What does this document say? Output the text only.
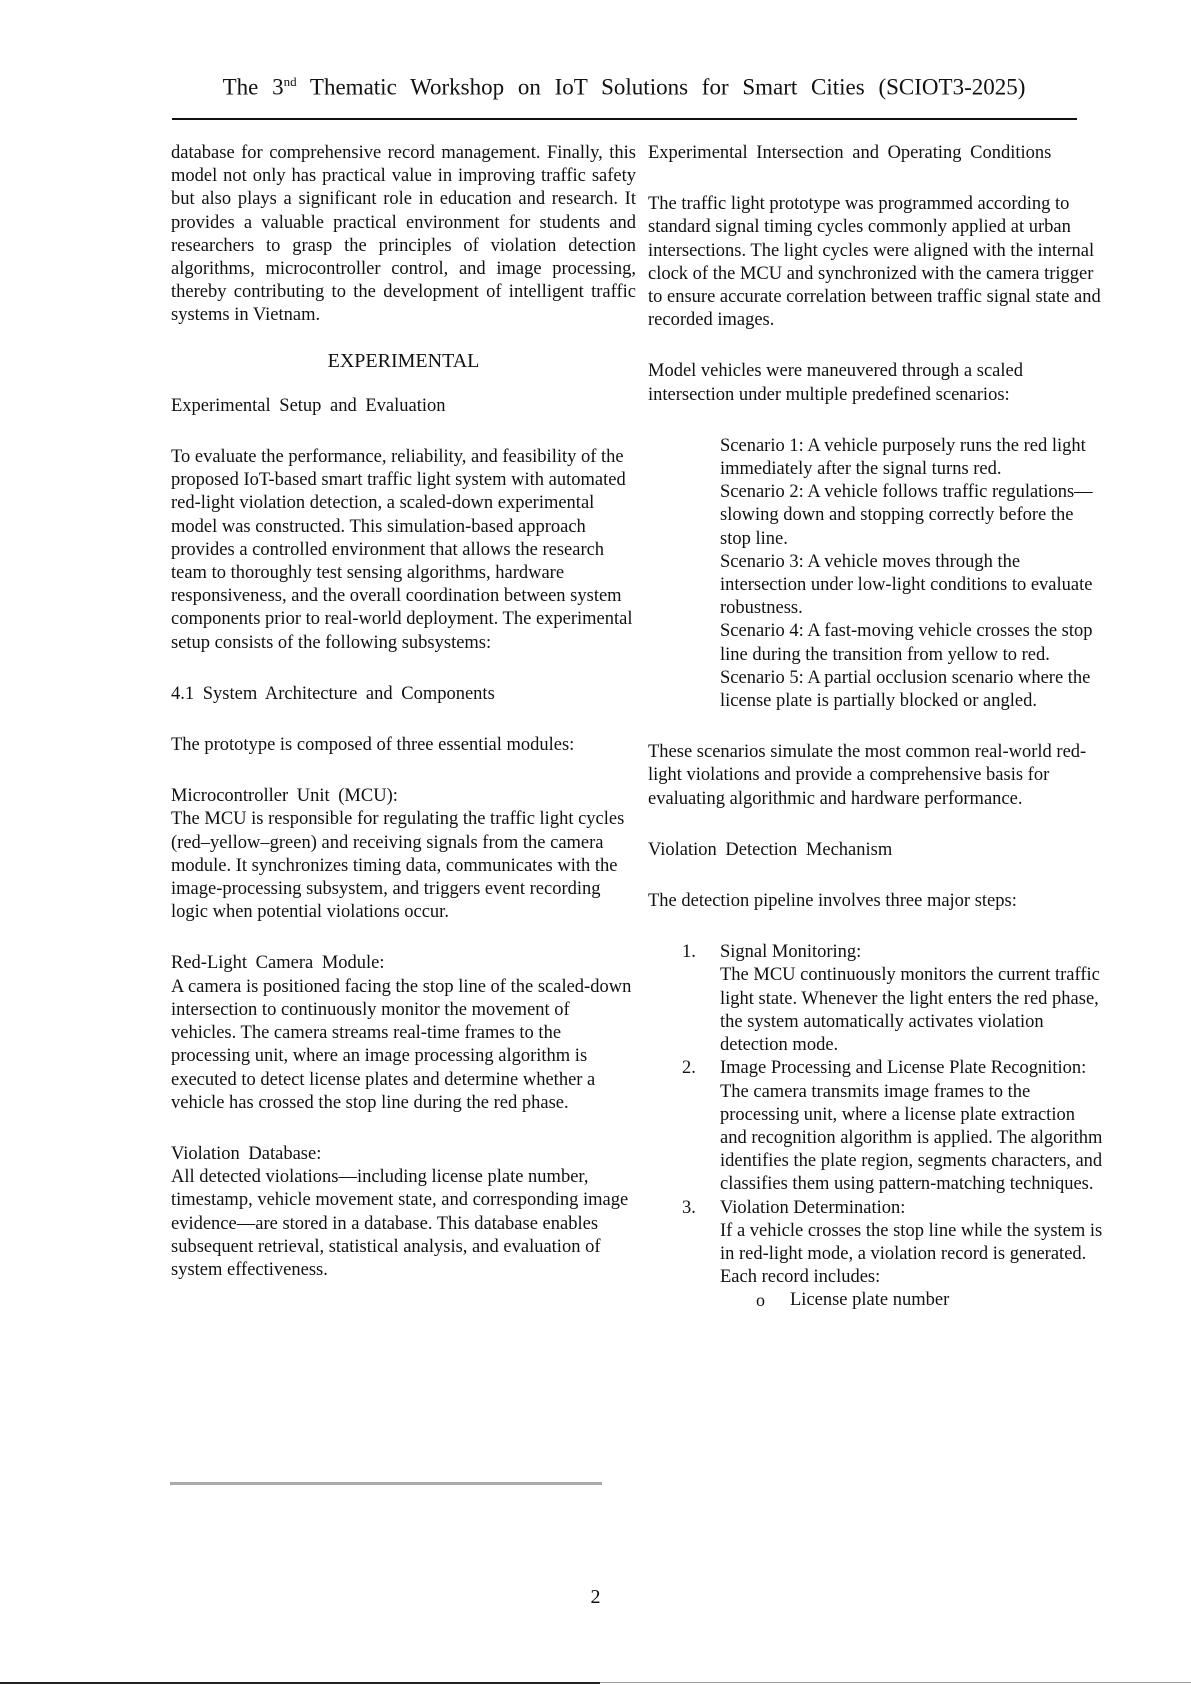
The 3nd Thematic Workshop on IoT Solutions for Smart Cities (SCIOT3-2025)

database for comprehensive record management. Finally, this model not only has practical value in improving traffic safety but also plays a significant role in education and research. It provides a valuable practical environment for students and researchers to grasp the principles of violation detection algorithms, microcontroller control, and image processing, thereby contributing to the development of intelligent traffic systems in Vietnam.

EXPERIMENTAL

Experimental Setup and Evaluation

To evaluate the performance, reliability, and feasibility of the proposed IoT-based smart traffic light system with automated red-light violation detection, a scaled-down experimental model was constructed. This simulation-based approach provides a controlled environment that allows the research team to thoroughly test sensing algorithms, hardware responsiveness, and the overall coordination between system components prior to real-world deployment. The experimental setup consists of the following subsystems:

4.1 System Architecture and Components

The prototype is composed of three essential modules:

Microcontroller Unit (MCU):

The MCU is responsible for regulating the traffic light cycles (red–yellow–green) and receiving signals from the camera module. It synchronizes timing data, communicates with the image-processing subsystem, and triggers event recording logic when potential violations occur.

Red-Light Camera Module:

A camera is positioned facing the stop line of the scaled-down intersection to continuously monitor the movement of vehicles. The camera streams real-time frames to the processing unit, where an image processing algorithm is executed to detect license plates and determine whether a vehicle has crossed the stop line during the red phase.

Violation Database:

All detected violations—including license plate number, timestamp, vehicle movement state, and corresponding image evidence—are stored in a database. This database enables subsequent retrieval, statistical analysis, and evaluation of system effectiveness.

Experimental Intersection and Operating Conditions

The traffic light prototype was programmed according to standard signal timing cycles commonly applied at urban intersections. The light cycles were aligned with the internal clock of the MCU and synchronized with the camera trigger to ensure accurate correlation between traffic signal state and recorded images.

Model vehicles were maneuvered through a scaled intersection under multiple predefined scenarios:

Scenario 1: A vehicle purposely runs the red light immediately after the signal turns red.
Scenario 2: A vehicle follows traffic regulations—slowing down and stopping correctly before the stop line.
Scenario 3: A vehicle moves through the intersection under low-light conditions to evaluate robustness.
Scenario 4: A fast-moving vehicle crosses the stop line during the transition from yellow to red.
Scenario 5: A partial occlusion scenario where the license plate is partially blocked or angled.

These scenarios simulate the most common real-world red-light violations and provide a comprehensive basis for evaluating algorithmic and hardware performance.

Violation Detection Mechanism

The detection pipeline involves three major steps:

1. Signal Monitoring:
The MCU continuously monitors the current traffic light state. Whenever the light enters the red phase, the system automatically activates violation detection mode.
2. Image Processing and License Plate Recognition:
The camera transmits image frames to the processing unit, where a license plate extraction and recognition algorithm is applied. The algorithm identifies the plate region, segments characters, and classifies them using pattern-matching techniques.
3. Violation Determination:
If a vehicle crosses the stop line while the system is in red-light mode, a violation record is generated.
Each record includes:
o License plate number
2
